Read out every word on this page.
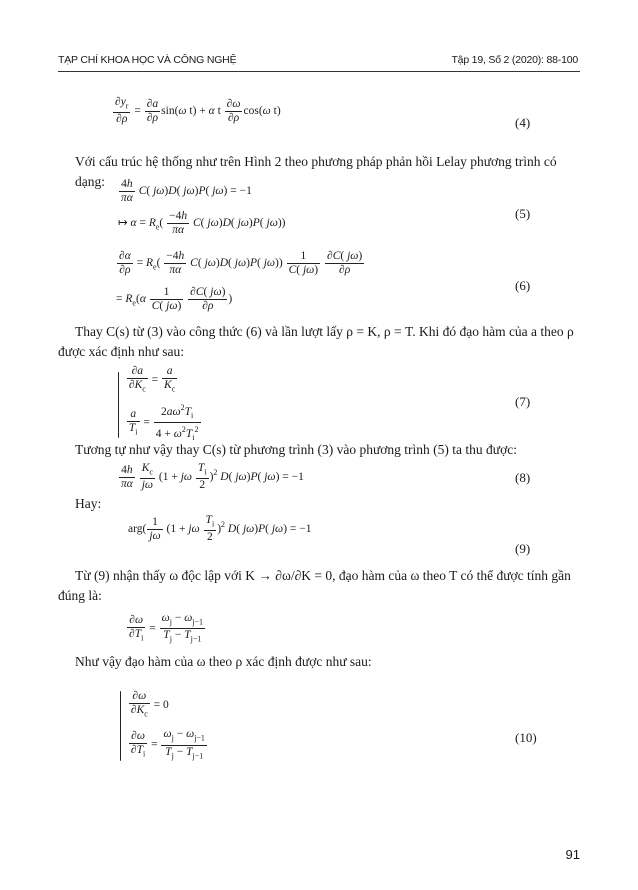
TẠP CHÍ KHOA HỌC VÀ CÔNG NGHỆ	Tập 19, Số 2 (2020): 88-100
$\frac{\partial y_r}{\partial\rho} = \frac{\partial a}{\partial\rho} \sin(\omega$ t) + α t $\frac{\partial\omega}{\partial\rho} \cos(\omega$ t)
(4)
Với cấu trúc hệ thống như trên Hình 2 theo phương pháp phản hồi Lelay phương trình có dạng:	$\frac{4h}{\pi\alpha} C$( jω)D( jω)P( jω) = −1
↦ $\alpha = R_e( \frac{-4h}{\pi\alpha} C$( jω)D( jω)P( jω))
(5)
$\frac{\partial\alpha}{\partial\rho} = R_e( \frac{-4h}{\pi\alpha} C$( jω)D( jω)P( $j\omega)) \frac{1}{C( j\omega)}$
$\frac{\partial C( j\omega)}{\partial\rho}$
= $R_e(\alpha \frac{1}{C( j\omega)}$
$\frac{\partial C( j\omega)}{\partial\rho}$ )
(6)
Thay C(s) từ (3) vào công thức (6) và lần lượt lấy ρ = K, ρ = T. Khi đó đạo hàm của a theo ρ được xác định như sau:

$\frac{\partial a}{\partial K_c} = \frac{a}{K_c}$
$\frac{a}{T_i} = \frac{2a\omega^2T_i}{4 + \omega^2T_i^2}$	(7)
Tương tự như vậy thay C(s) từ phương trình (3) vào phương trình (5) ta thu được:
$\frac{4h}{\pi\alpha}$
$\frac{K_c}{j\omega} (1 + j\omega \frac{T_i}{2} )^2$ D( jω)P( jω) = −1	(8)
Hay:
$arg( \frac{1}{j\omega} (1 + j\omega \frac{T_i}{2} )^2$ D( jω)P( jω) = −1
(9)
Từ (9) nhận thấy ω độc lập với K → ∂ω/∂K = 0, đạo hàm của ω theo T có thể được tính gần đúng là:
$\frac{\partial\omega}{\partial T_i} = \frac{\omega_j - \omega_{j-1}}{T_j - T_{j-1}}$
Như vậy đạo hàm của ω theo ρ xác định được như sau:

$\frac{\partial\omega}{\partial K_c} = 0$
$\frac{\partial\omega}{\partial T_i} = \frac{\omega_j - \omega_{j-1}}{T_j - T_{j-1}}$	(10)
91
